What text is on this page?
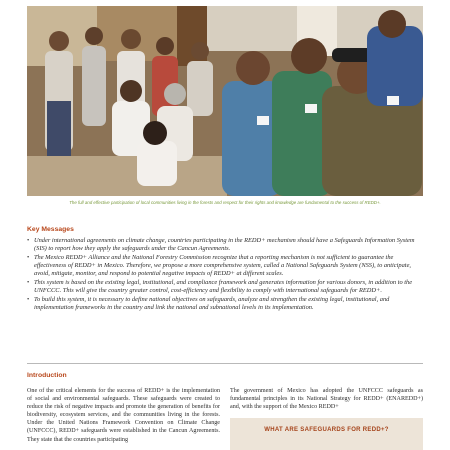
The full and effective participation of local communities living in the forests and respect for their rights and knowledge are fundamental to the success of REDD+.
Key Messages
• Under international agreements on climate change, countries participating in the REDD+ mechanism should have a Safeguards Information System (SIS) to report how they apply the safeguards under the Cancun Agreements.
• The Mexico REDD+ Alliance and the National Forestry Commission recognize that a reporting mechanism is not sufficient to guarantee the effectiveness of REDD+ in Mexico. Therefore, we propose a more comprehensive system, called a National Safeguards System (NSS), to anticipate, avoid, mitigate, monitor, and respond to potential negative impacts of REDD+ at different scales.
• This system is based on the existing legal, institutional, and compliance framework and generates information for various donors, in addition to the UNFCCC. This will give the country greater control, cost-efficiency and flexibility to comply with international safeguards for REDD+.
• To build this system, it is necessary to define national objectives on safeguards, analyze and strengthen the existing legal, institutional, and implementation frameworks in the country and link the national and subnational levels in its implementation.
Introduction
One of the critical elements for the success of REDD+ is the implementation of social and environmental safeguards. These safeguards were created to reduce the risk of negative impacts and promote the generation of benefits for biodiversity, ecosystem services, and the communities living in the forests. Under the United Nations Framework Convention on Climate Change (UNFCCC), REDD+ safeguards were established in the Cancun Agreements. They state that the countries participating
The government of Mexico has adopted the UNFCCC safeguards as fundamental principles in its National Strategy for REDD+ (ENAREDD+) and, with the support of the Mexico REDD+
WHAT ARE SAFEGUARDS FOR REDD+?
